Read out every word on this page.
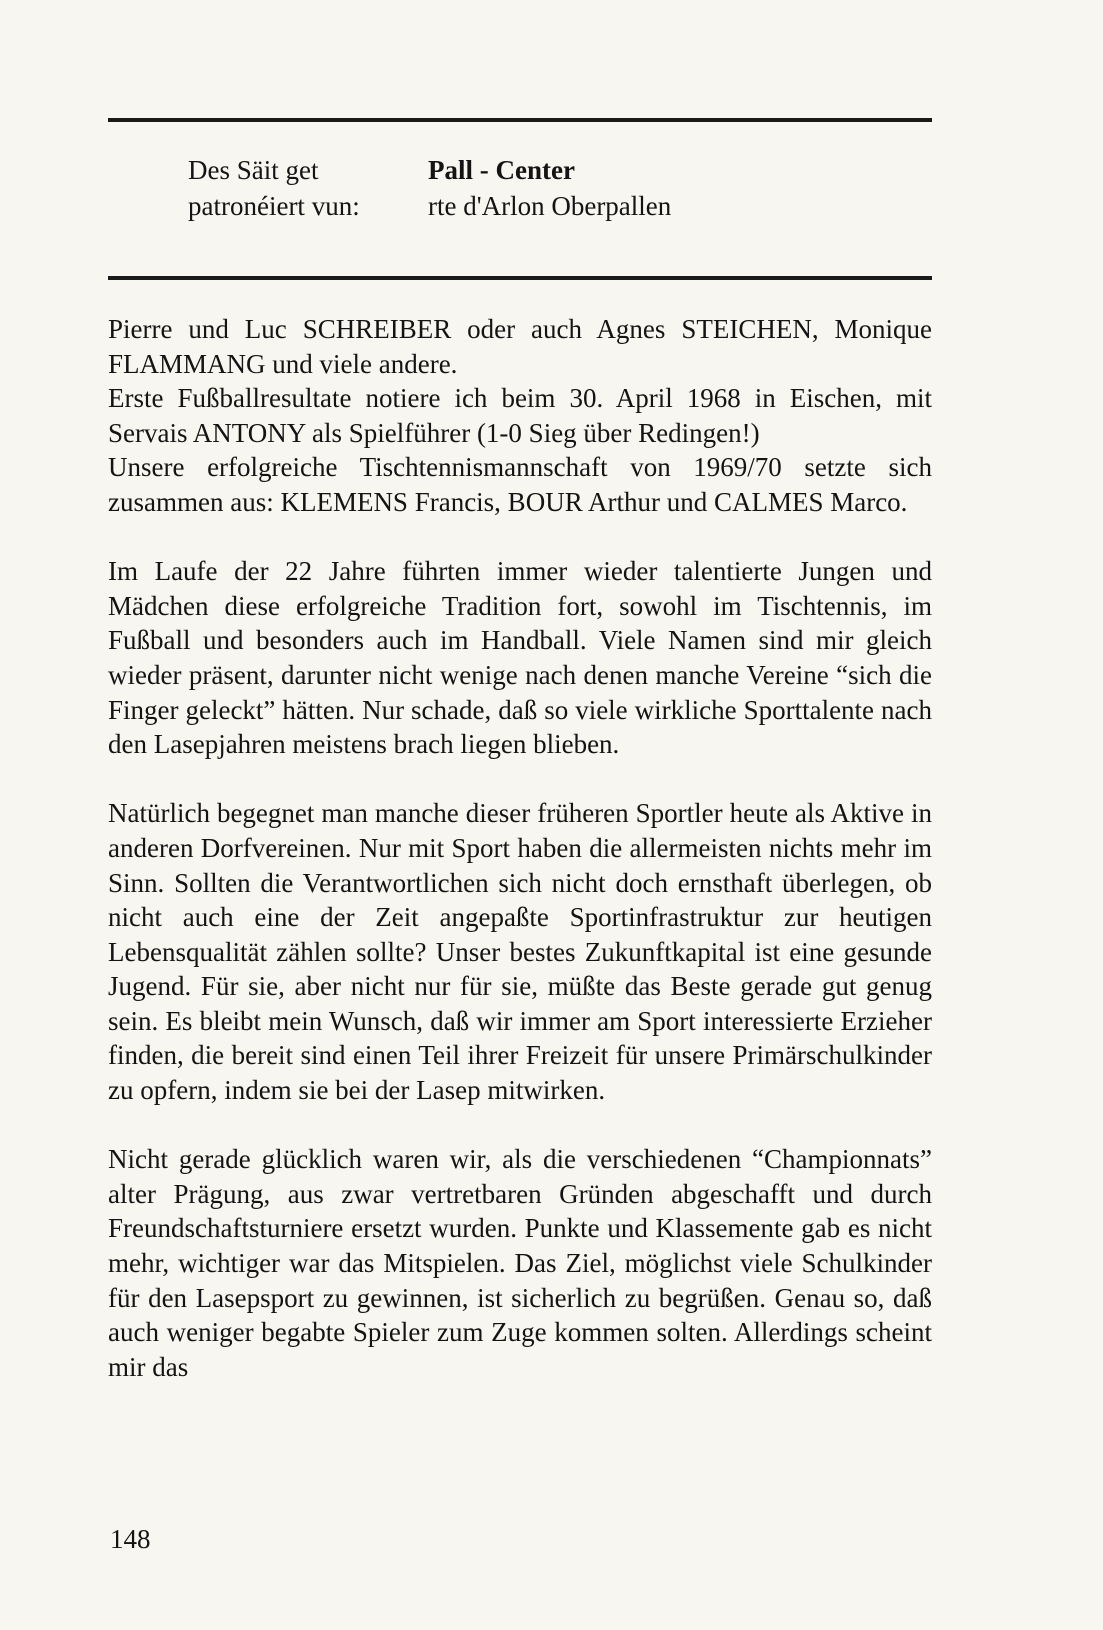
Des Säit get	Pall - Center
patronéiert vun:	rte d'Arlon Oberpallen

Pierre und Luc SCHREIBER oder auch Agnes STEICHEN, Monique FLAMMANG und viele andere.

Erste Fußballresultate notiere ich beim 30. April 1968 in Eischen, mit Servais ANTONY als Spielführer (1-0 Sieg über Redingen!)

Unsere erfolgreiche Tischtennismannschaft von 1969/70 setzte sich zusammen aus: KLEMENS Francis, BOUR Arthur und CALMES Marco.

Im Laufe der 22 Jahre führten immer wieder talentierte Jungen und Mädchen diese erfolgreiche Tradition fort, sowohl im Tischtennis, im Fußball und besonders auch im Handball. Viele Namen sind mir gleich wieder präsent, darunter nicht wenige nach denen manche Vereine “sich die Finger geleckt” hätten. Nur schade, daß so viele wirkliche Sporttalente nach den Lasepjahren meistens brach liegen blieben.

Natürlich begegnet man manche dieser früheren Sportler heute als Aktive in anderen Dorfvereinen. Nur mit Sport haben die allermeisten nichts mehr im Sinn. Sollten die Verantwortlichen sich nicht doch ernsthaft überlegen, ob nicht auch eine der Zeit angepaßte Sportinfrastruktur zur heutigen Lebensqualität zählen sollte? Unser bestes Zukunftkapital ist eine gesunde Jugend. Für sie, aber nicht nur für sie, müßte das Beste gerade gut genug sein. Es bleibt mein Wunsch, daß wir immer am Sport interessierte Erzieher finden, die bereit sind einen Teil ihrer Freizeit für unsere Primärschulkinder zu opfern, indem sie bei der Lasep mitwirken.

Nicht gerade glücklich waren wir, als die verschiedenen “Championnats” alter Prägung, aus zwar vertretbaren Gründen abgeschafft und durch Freundschaftsturniere ersetzt wurden. Punkte und Klassemente gab es nicht mehr, wichtiger war das Mitspielen. Das Ziel, möglichst viele Schulkinder für den Lasepsport zu gewinnen, ist sicherlich zu begrüßen. Genau so, daß auch weniger begabte Spieler zum Zuge kommen solten. Allerdings scheint mir das

148
